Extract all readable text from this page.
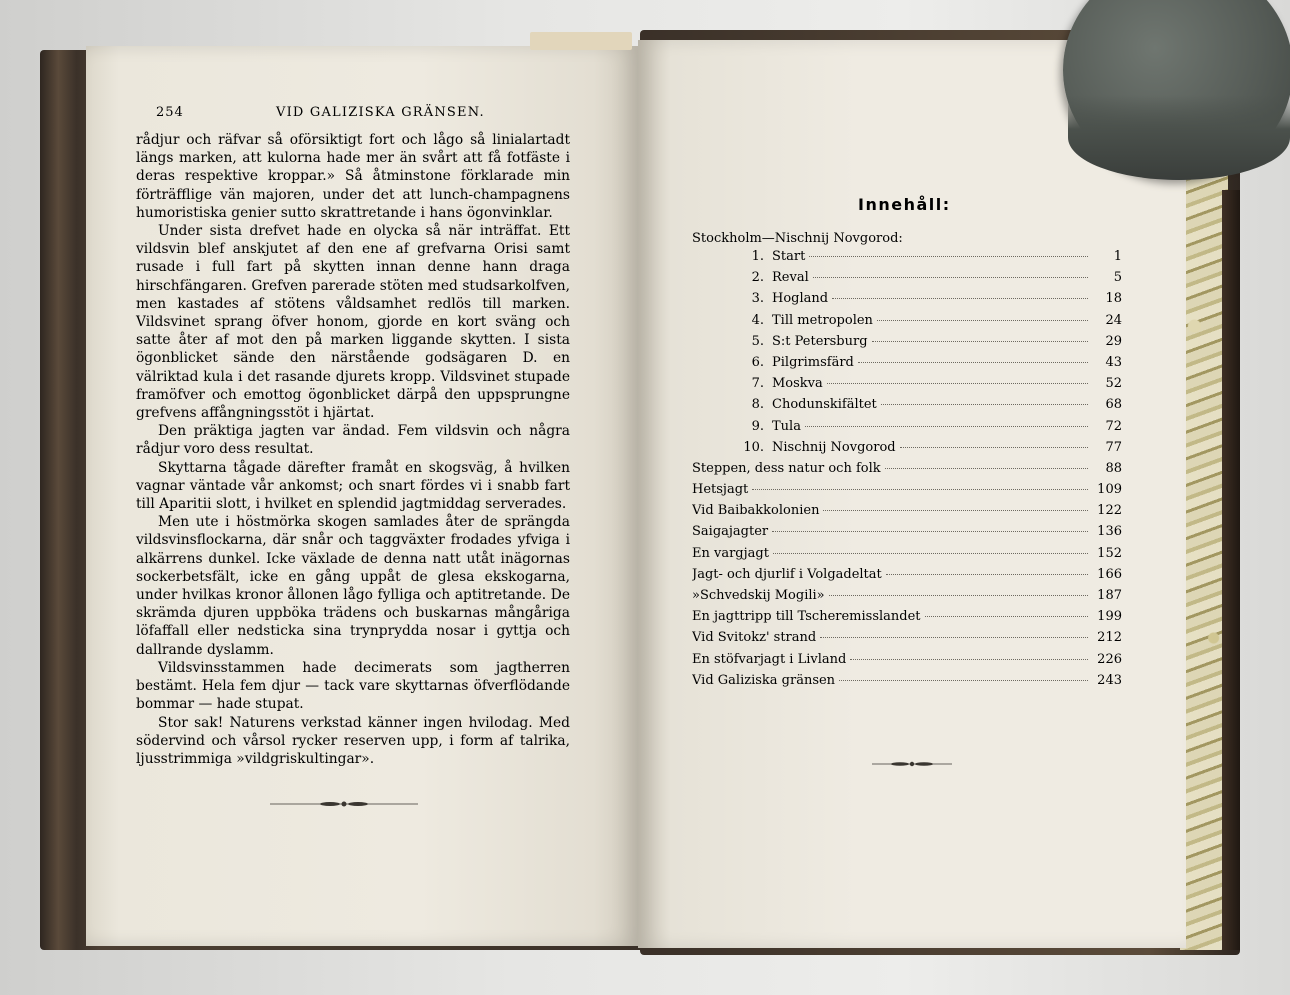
254	VID GALIZISKA GRÄNSEN.

rådjur och räfvar så oförsiktigt fort och lågo så linialartadt längs marken, att kulorna hade mer än svårt att få fotfäste i deras respektive kroppar.» Så åtminstone förklarade min förträfflige vän majoren, under det att lunch-champagnens humoristiska genier sutto skrattretande i hans ögonvinklar.

Under sista drefvet hade en olycka så när inträffat. Ett vildsvin blef anskjutet af den ene af grefvarna Orisi samt rusade i full fart på skytten innan denne hann draga hirschfängaren. Grefven parerade stöten med studsarkolfven, men kastades af stötens våldsamhet redlös till marken. Vildsvinet sprang öfver honom, gjorde en kort sväng och satte åter af mot den på marken liggande skytten. I sista ögonblicket sände den närstående godsägaren D. en välriktad kula i det rasande djurets kropp. Vildsvinet stupade framöfver och emottog ögonblicket därpå den uppsprungne grefvens affångningsstöt i hjärtat.

Den präktiga jagten var ändad. Fem vildsvin och några rådjur voro dess resultat.

Skyttarna tågade därefter framåt en skogsväg, å hvilken vagnar väntade vår ankomst; och snart fördes vi i snabb fart till Aparitii slott, i hvilket en splendid jagtmiddag serverades.

Men ute i höstmörka skogen samlades åter de sprängda vildsvinsflockarna, där snår och taggväxter frodades yfviga i alkärrens dunkel. Icke växlade de denna natt utåt inägornas sockerbetsfält, icke en gång uppåt de glesa ekskogarna, under hvilkas kronor ållonen lågo fylliga och aptitretande. De skrämda djuren uppböka trädens och buskarnas mångåriga löfaffall eller nedsticka sina trynprydda nosar i gyttja och dallrande dyslamm.

Vildsvinsstammen hade decimerats som jagtherren bestämt. Hela fem djur — tack vare skyttarnas öfverflödande bommar — hade stupat.

Stor sak! Naturens verkstad känner ingen hvilodag. Med södervind och vårsol rycker reserven upp, i form af talrika, ljusstrimmiga »vildgriskultingar».

Innehåll:
Stockholm—Nischnij Novgorod:
1. Start	1
2. Reval	5
3. Hogland	18
4. Till metropolen	24
5. S:t Petersburg	29
6. Pilgrimsfärd	43
7. Moskva	52
8. Chodunskifältet	68
9. Tula	72
10. Nischnij Novgorod	77
Steppen, dess natur och folk	88
Hetsjagt	109
Vid Baibakkolonien	122
Saigajagter	136
En vargjagt	152
Jagt- och djurlif i Volgadeltat	166
»Schvedskij Mogili»	187
En jagttripp till Tscheremisslandet	199
Vid Svitokz' strand	212
En stöfvarjagt i Livland	226
Vid Galiziska gränsen	243
